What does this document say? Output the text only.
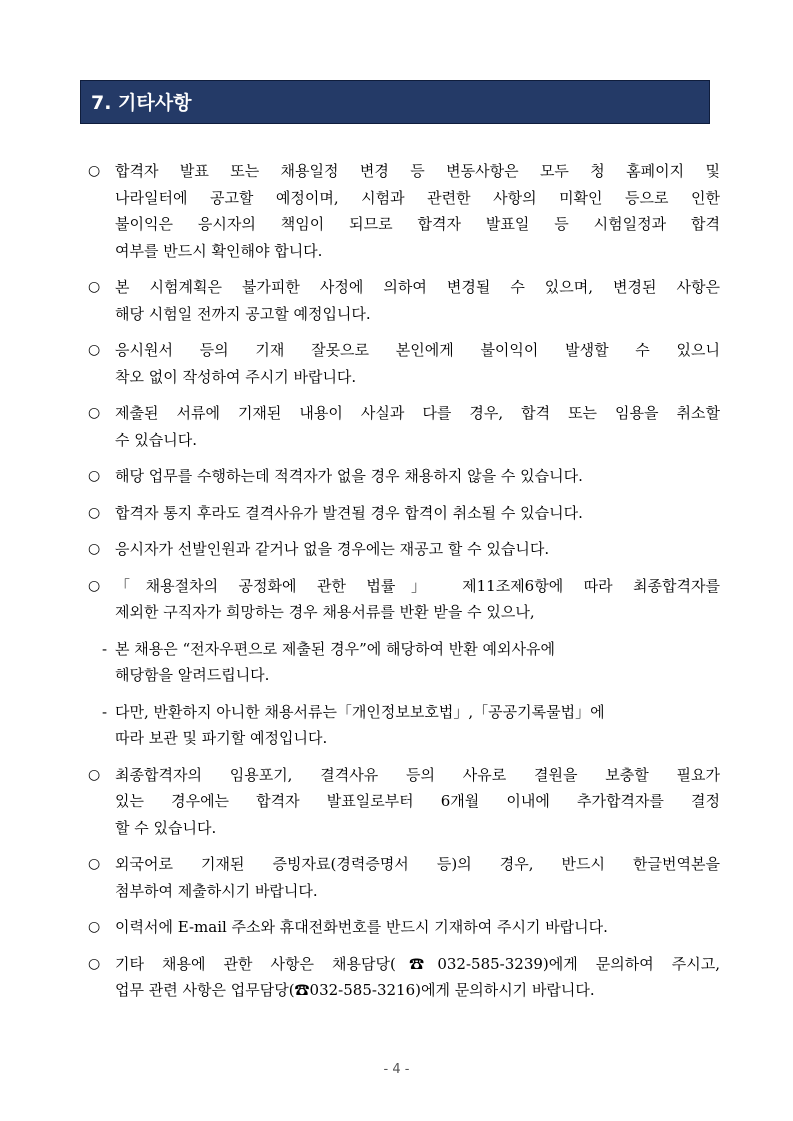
7. 기타사항
○ 합격자 발표 또는 채용일정 변경 등 변동사항은 모두 청 홈페이지 및
나라일터에 공고할 예정이며, 시험과 관련한 사항의 미확인 등으로 인한
불이익은 응시자의 책임이 되므로 합격자 발표일 등 시험일정과 합격
여부를 반드시 확인해야 합니다.
○ 본 시험계획은 불가피한 사정에 의하여 변경될 수 있으며, 변경된 사항은
해당 시험일 전까지 공고할 예정입니다.
○ 응시원서 등의 기재 잘못으로 본인에게 불이익이 발생할 수 있으니
착오 없이 작성하여 주시기 바랍니다.
○ 제출된 서류에 기재된 내용이 사실과 다를 경우, 합격 또는 임용을 취소할
수 있습니다.
○ 해당 업무를 수행하는데 적격자가 없을 경우 채용하지 않을 수 있습니다.
○ 합격자 통지 후라도 결격사유가 발견될 경우 합격이 취소될 수 있습니다.
○ 응시자가 선발인원과 같거나 없을 경우에는 재공고 할 수 있습니다.
○ 「채용절차의 공정화에 관한 법률」 제11조제6항에 따라 최종합격자를
제외한 구직자가 희망하는 경우 채용서류를 반환 받을 수 있으나,
- 본 채용은 “전자우편으로 제출된 경우”에 해당하여 반환 예외사유에
해당함을 알려드립니다.
- 다만, 반환하지 아니한 채용서류는「개인정보보호법」,「공공기록물법」에
따라 보관 및 파기할 예정입니다.
○ 최종합격자의 임용포기, 결격사유 등의 사유로 결원을 보충할 필요가
있는 경우에는 합격자 발표일로부터 6개월 이내에 추가합격자를 결정
할 수 있습니다.
○ 외국어로 기재된 증빙자료(경력증명서 등)의 경우, 반드시 한글번역본을
첨부하여 제출하시기 바랍니다.
○ 이력서에 E-mail 주소와 휴대전화번호를 반드시 기재하여 주시기 바랍니다.
○ 기타 채용에 관한 사항은 채용담당(☎032-585-3239)에게 문의하여 주시고,
업무 관련 사항은 업무담당(☎032-585-3216)에게 문의하시기 바랍니다.
- 4 -
